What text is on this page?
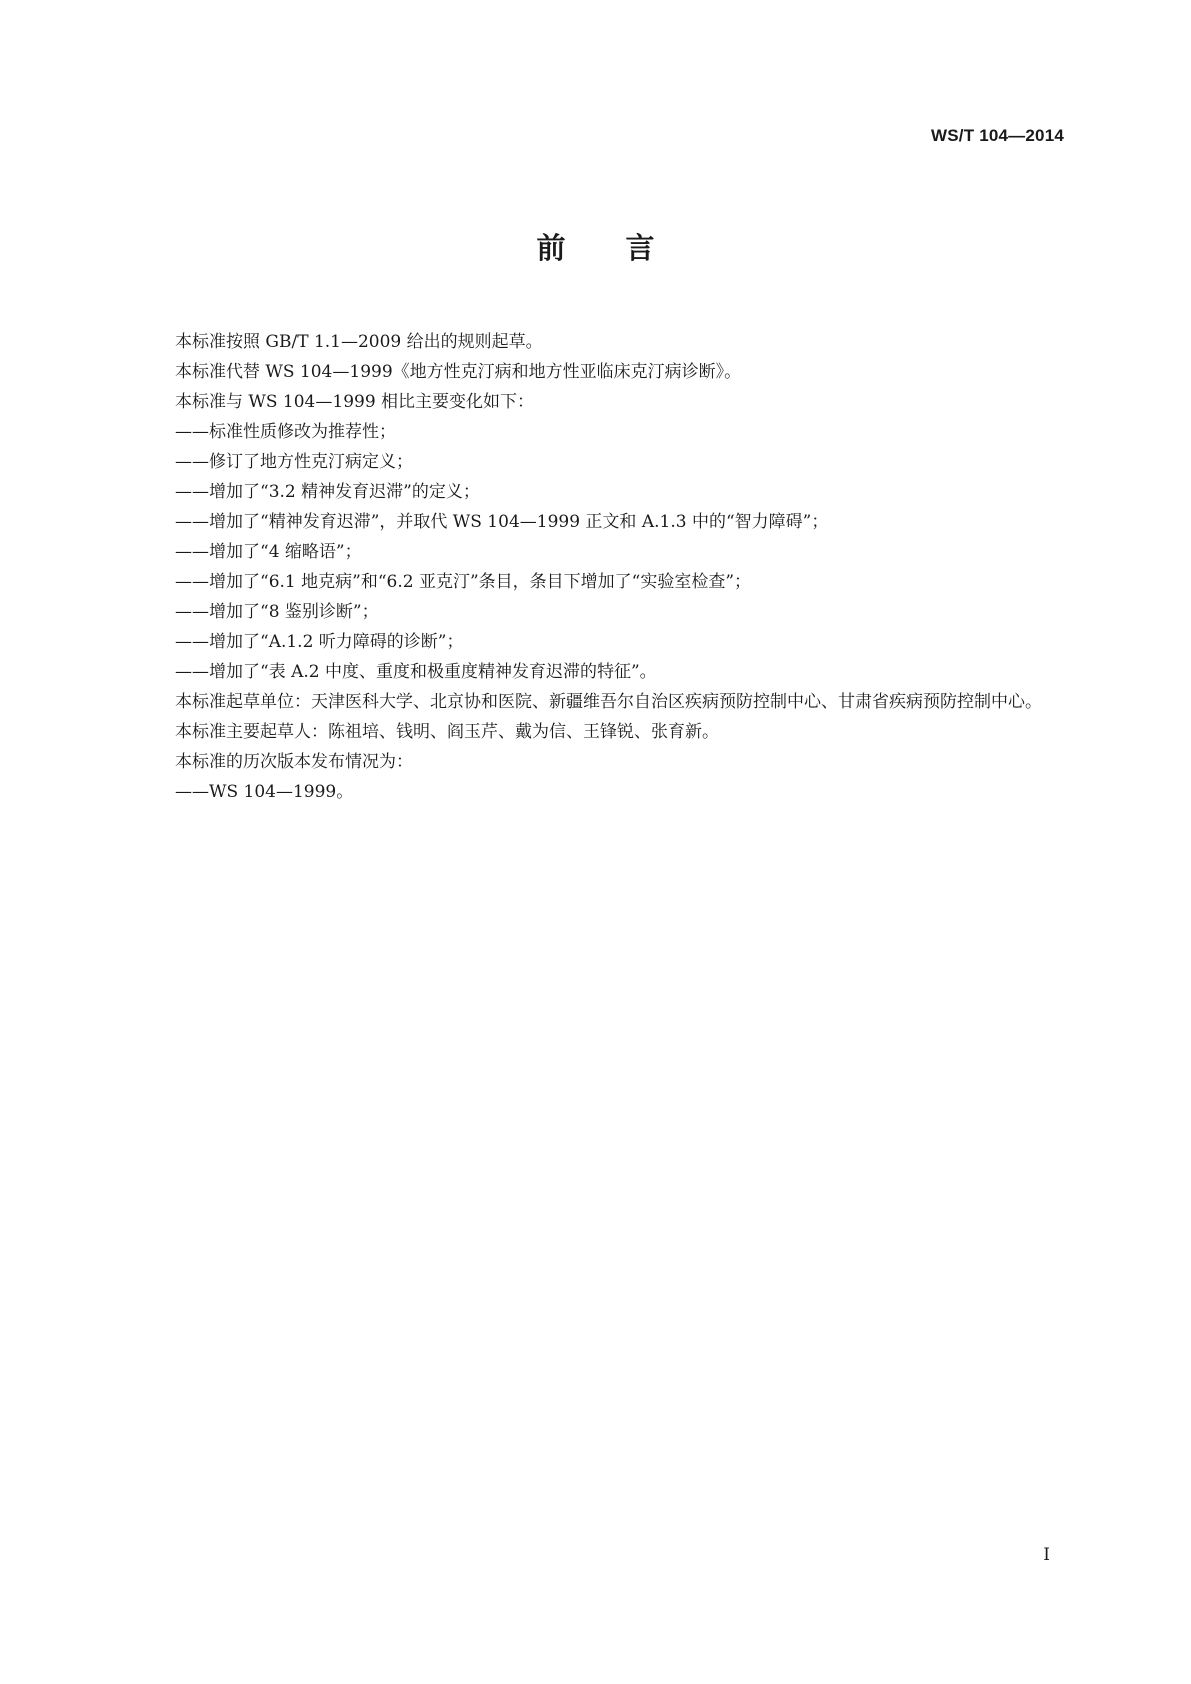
WS/T 104—2014
前言

本标准按照 GB/T 1.1—2009 给出的规则起草。

本标准代替 WS 104—1999《地方性克汀病和地方性亚临床克汀病诊断》。

本标准与 WS 104—1999 相比主要变化如下：

——标准性质修改为推荐性；

——修订了地方性克汀病定义；

——增加了“3.2 精神发育迟滞”的定义；

——增加了“精神发育迟滞”，并取代 WS 104—1999 正文和 A.1.3 中的“智力障碍”；

——增加了“4 缩略语”；

——增加了“6.1 地克病”和“6.2 亚克汀”条目，条目下增加了“实验室检查”；

——增加了“8 鉴别诊断”；

——增加了“A.1.2 听力障碍的诊断”；

——增加了“表 A.2 中度、重度和极重度精神发育迟滞的特征”。

本标准起草单位：天津医科大学、北京协和医院、新疆维吾尔自治区疾病预防控制中心、甘肃省疾病预防控制中心。

本标准主要起草人：陈祖培、钱明、阎玉芹、戴为信、王锋锐、张育新。

本标准的历次版本发布情况为：

——WS 104—1999。

I
